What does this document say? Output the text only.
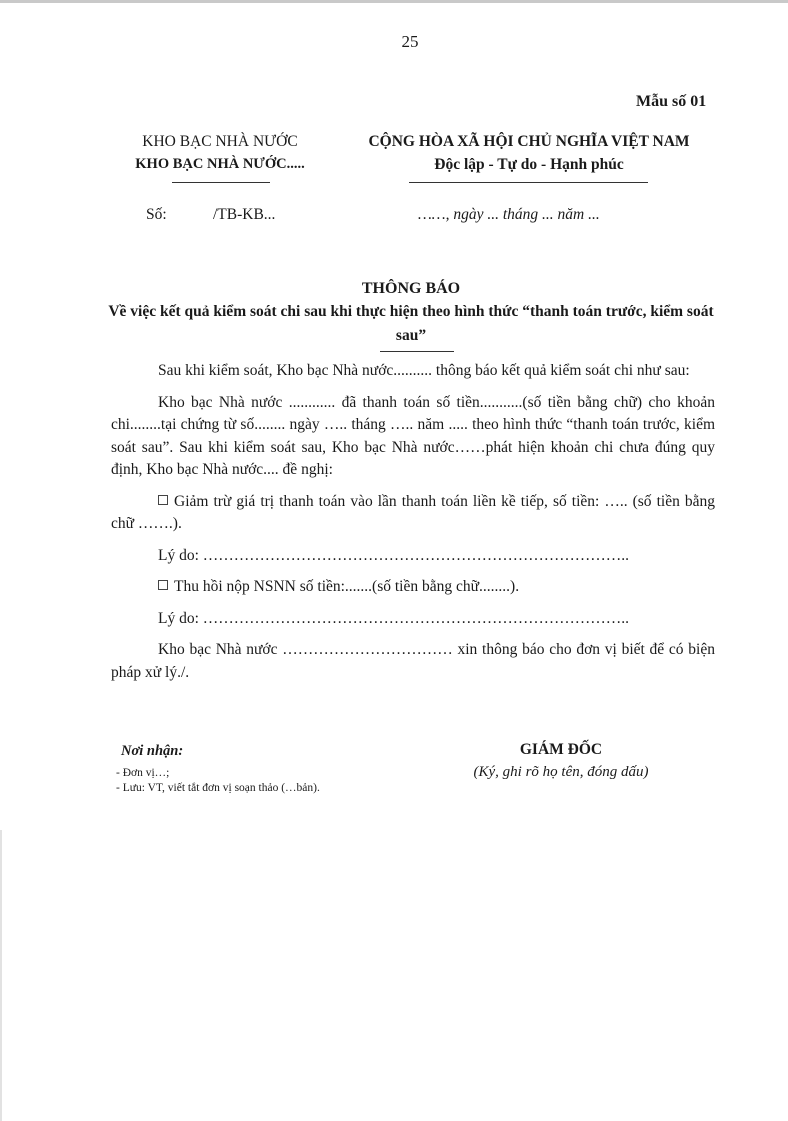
25
Mẫu số 01
KHO BẠC NHÀ NƯỚC
KHO BẠC NHÀ NƯỚC.....
CỘNG HÒA XÃ HỘI CHỦ NGHĨA VIỆT NAM
Độc lập - Tự do - Hạnh phúc
Số:	/TB-KB...	……, ngày ... tháng ... năm ...
THÔNG BÁO
Về việc kết quả kiểm soát chi sau khi thực hiện theo hình thức “thanh toán trước, kiểm soát sau”

Sau khi kiểm soát, Kho bạc Nhà nước.......... thông báo kết quả kiểm soát chi như sau:

Kho bạc Nhà nước ............ đã thanh toán số tiền...........(số tiền bằng chữ) cho khoản chi........tại chứng từ số........ ngày ….. tháng ….. năm ..... theo hình thức “thanh toán trước, kiểm soát sau”. Sau khi kiểm soát sau, Kho bạc Nhà nước……phát hiện khoản chi chưa đúng quy định, Kho bạc Nhà nước.... đề nghị:

Giảm trừ giá trị thanh toán vào lần thanh toán liền kề tiếp, số tiền: ….. (số tiền bằng chữ …….).

Lý do: ………………………………………………………………………..

Thu hồi nộp NSNN số tiền:.......(số tiền bằng chữ........).

Lý do: ………………………………………………………………………..

Kho bạc Nhà nước …………………………… xin thông báo cho đơn vị biết để có biện pháp xử lý./.

Nơi nhận:
- Đơn vị…;
- Lưu: VT, viết tắt đơn vị soạn thảo (…bản).
GIÁM ĐỐC
(Ký, ghi rõ họ tên, đóng dấu)
